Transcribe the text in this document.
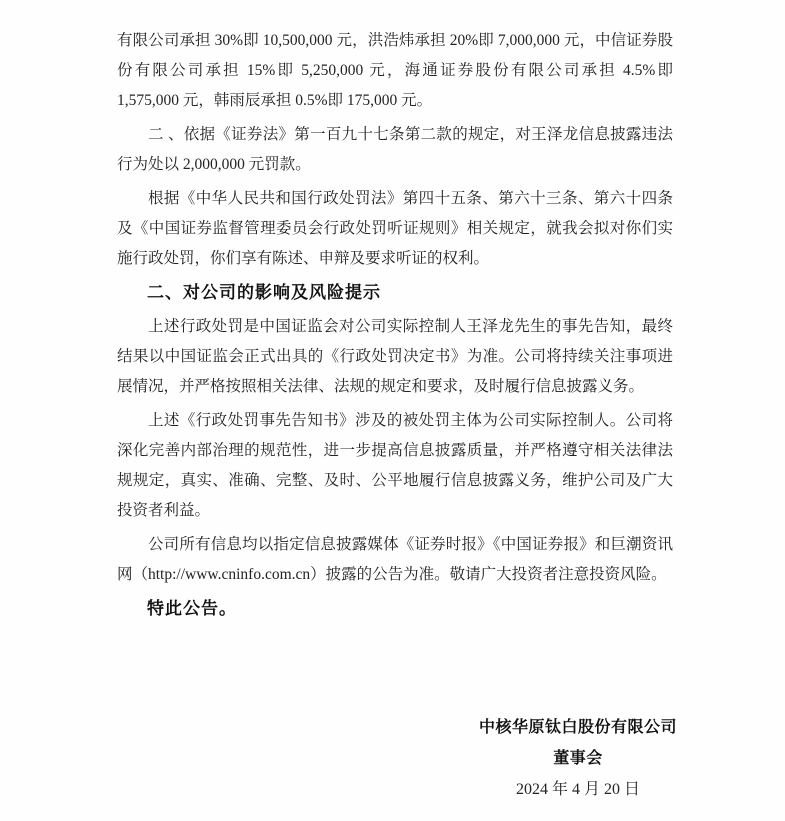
有限公司承担 30%即 10,500,000 元，洪浩炜承担 20%即 7,000,000 元，中信证券股份有限公司承担 15%即 5,250,000 元，海通证券股份有限公司承担 4.5%即 1,575,000 元，韩雨辰承担 0.5%即 175,000 元。

二 、依据《证券法》第一百九十七条第二款的规定，对王泽龙信息披露违法行为处以 2,000,000 元罚款。

根据《中华人民共和国行政处罚法》第四十五条、第六十三条、第六十四条及《中国证券监督管理委员会行政处罚听证规则》相关规定，就我会拟对你们实施行政处罚，你们享有陈述、申辩及要求听证的权利。

二、对公司的影响及风险提示

上述行政处罚是中国证监会对公司实际控制人王泽龙先生的事先告知，最终结果以中国证监会正式出具的《行政处罚决定书》为准。公司将持续关注事项进展情况，并严格按照相关法律、法规的规定和要求，及时履行信息披露义务。

上述《行政处罚事先告知书》涉及的被处罚主体为公司实际控制人。公司将深化完善内部治理的规范性，进一步提高信息披露质量，并严格遵守相关法律法规规定，真实、准确、完整、及时、公平地履行信息披露义务，维护公司及广大投资者利益。

公司所有信息均以指定信息披露媒体《证券时报》《中国证券报》和巨潮资讯网（http://www.cninfo.com.cn）披露的公告为准。敬请广大投资者注意投资风险。

特此公告。

中核华原钛白股份有限公司
董事会
2024 年 4 月 20 日
